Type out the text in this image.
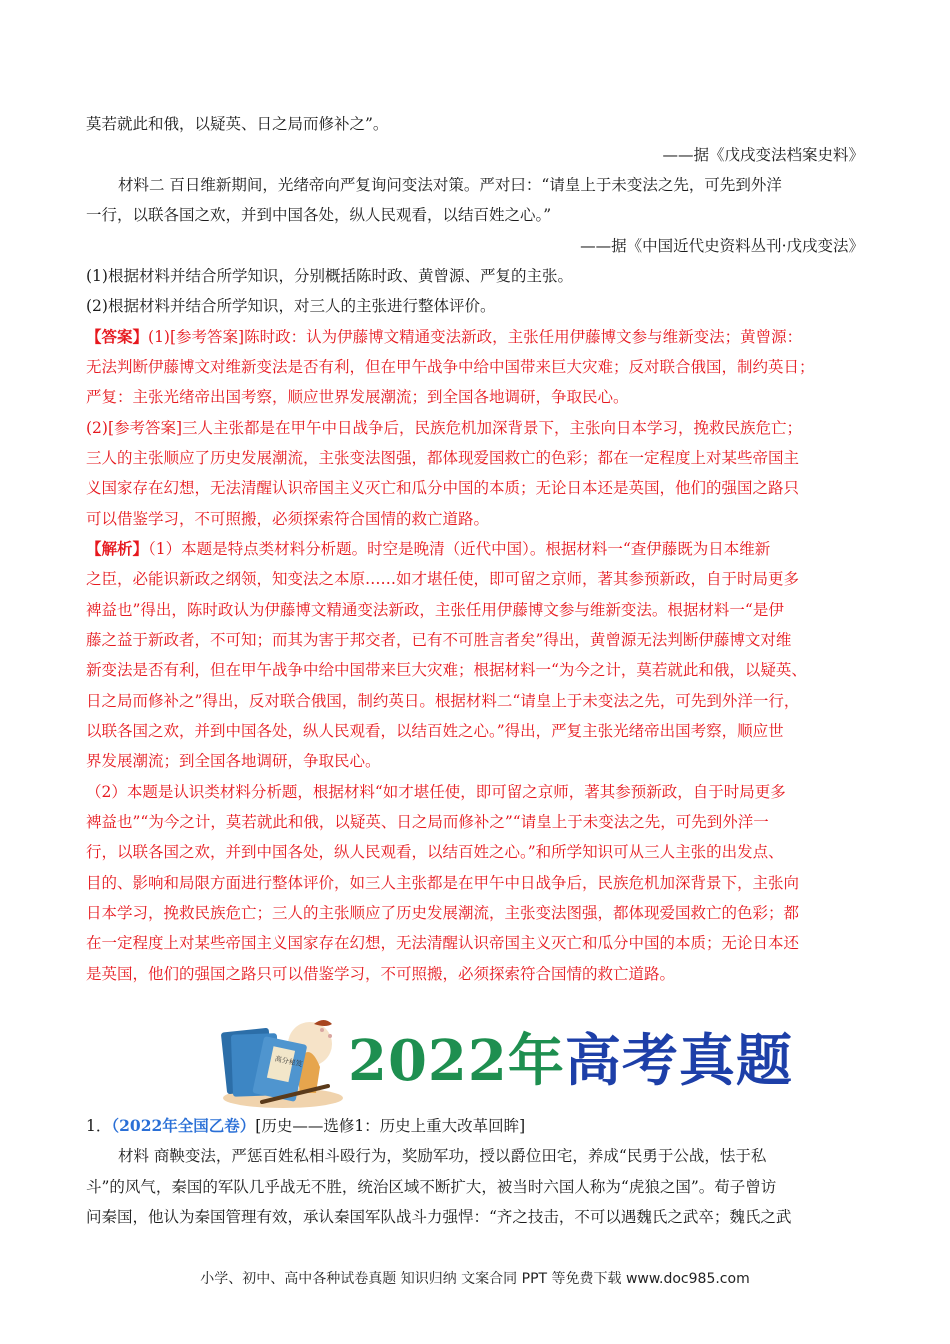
莫若就此和俄，以疑英、日之局而修补之”。
——据《戊戌变法档案史料》
材料二 百日维新期间，光绪帝向严复询问变法对策。严对曰：“请皇上于未变法之先，可先到外洋
一行，以联各国之欢，并到中国各处，纵人民观看，以结百姓之心。”
——据《中国近代史资料丛刊·戊戌变法》
(1)根据材料并结合所学知识，分别概括陈时政、黄曾源、严复的主张。
(2)根据材料并结合所学知识，对三人的主张进行整体评价。
【答案】(1)[参考答案]陈时政：认为伊藤博文精通变法新政，主张任用伊藤博文参与维新变法；黄曾源：
无法判断伊藤博文对维新变法是否有利，但在甲午战争中给中国带来巨大灾难；反对联合俄国，制约英日；
严复：主张光绪帝出国考察，顺应世界发展潮流；到全国各地调研，争取民心。
(2)[参考答案]三人主张都是在甲午中日战争后，民族危机加深背景下，主张向日本学习，挽救民族危亡；
三人的主张顺应了历史发展潮流，主张变法图强，都体现爱国救亡的色彩；都在一定程度上对某些帝国主
义国家存在幻想，无法清醒认识帝国主义灭亡和瓜分中国的本质；无论日本还是英国，他们的强国之路只
可以借鉴学习，不可照搬，必须探索符合国情的救亡道路。
【解析】（1）本题是特点类材料分析题。时空是晚清（近代中国）。根据材料一“查伊藤既为日本维新
之臣，必能识新政之纲领，知变法之本原……如才堪任使，即可留之京师，著其参预新政，自于时局更多
裨益也”得出，陈时政认为伊藤博文精通变法新政，主张任用伊藤博文参与维新变法。根据材料一“是伊
藤之益于新政者，不可知；而其为害于邦交者，已有不可胜言者矣”得出，黄曾源无法判断伊藤博文对维
新变法是否有利，但在甲午战争中给中国带来巨大灾难；根据材料一“为今之计，莫若就此和俄，以疑英、
日之局而修补之”得出，反对联合俄国，制约英日。根据材料二“请皇上于未变法之先，可先到外洋一行，
以联各国之欢，并到中国各处，纵人民观看，以结百姓之心。”得出，严复主张光绪帝出国考察，顺应世
界发展潮流；到全国各地调研，争取民心。
（2）本题是认识类材料分析题，根据材料“如才堪任使，即可留之京师，著其参预新政，自于时局更多
裨益也”“为今之计，莫若就此和俄，以疑英、日之局而修补之”“请皇上于未变法之先，可先到外洋一
行，以联各国之欢，并到中国各处，纵人民观看，以结百姓之心。”和所学知识可从三人主张的出发点、
目的、影响和局限方面进行整体评价，如三人主张都是在甲午中日战争后，民族危机加深背景下，主张向
日本学习，挽救民族危亡；三人的主张顺应了历史发展潮流，主张变法图强，都体现爱国救亡的色彩；都
在一定程度上对某些帝国主义国家存在幻想，无法清醒认识帝国主义灭亡和瓜分中国的本质；无论日本还
是英国，他们的强国之路只可以借鉴学习，不可照搬，必须探索符合国情的救亡道路。
高分秘笈 2022年高考真题
1．（2022年全国乙卷）[历史——选修1：历史上重大改革回眸]
材料 商鞅变法，严惩百姓私相斗殴行为，奖励军功，授以爵位田宅，养成“民勇于公战，怯于私
斗”的风气，秦国的军队几乎战无不胜，统治区域不断扩大，被当时六国人称为“虎狼之国”。荀子曾访
问秦国，他认为秦国管理有效，承认秦国军队战斗力强悍：“齐之技击，不可以遇魏氏之武卒；魏氏之武
小学、初中、高中各种试卷真题 知识归纳 文案合同 PPT 等免费下载 www.doc985.com
